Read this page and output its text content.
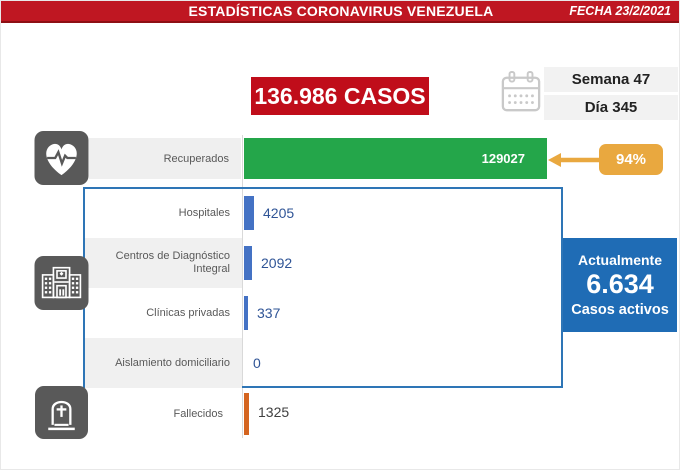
ESTADÍSTICAS CORONAVIRUS VENEZUELA	FECHA 23/2/2021
136.986 CASOS
Semana 47
Día 345
Recuperados	129027	94%
Hospitales	4205
Centros de Diagnóstico Integral	2092
Clínicas privadas	337
Aislamiento domiciliario	0
Fallecidos	1325
Actualmente
6.634
Casos activos
